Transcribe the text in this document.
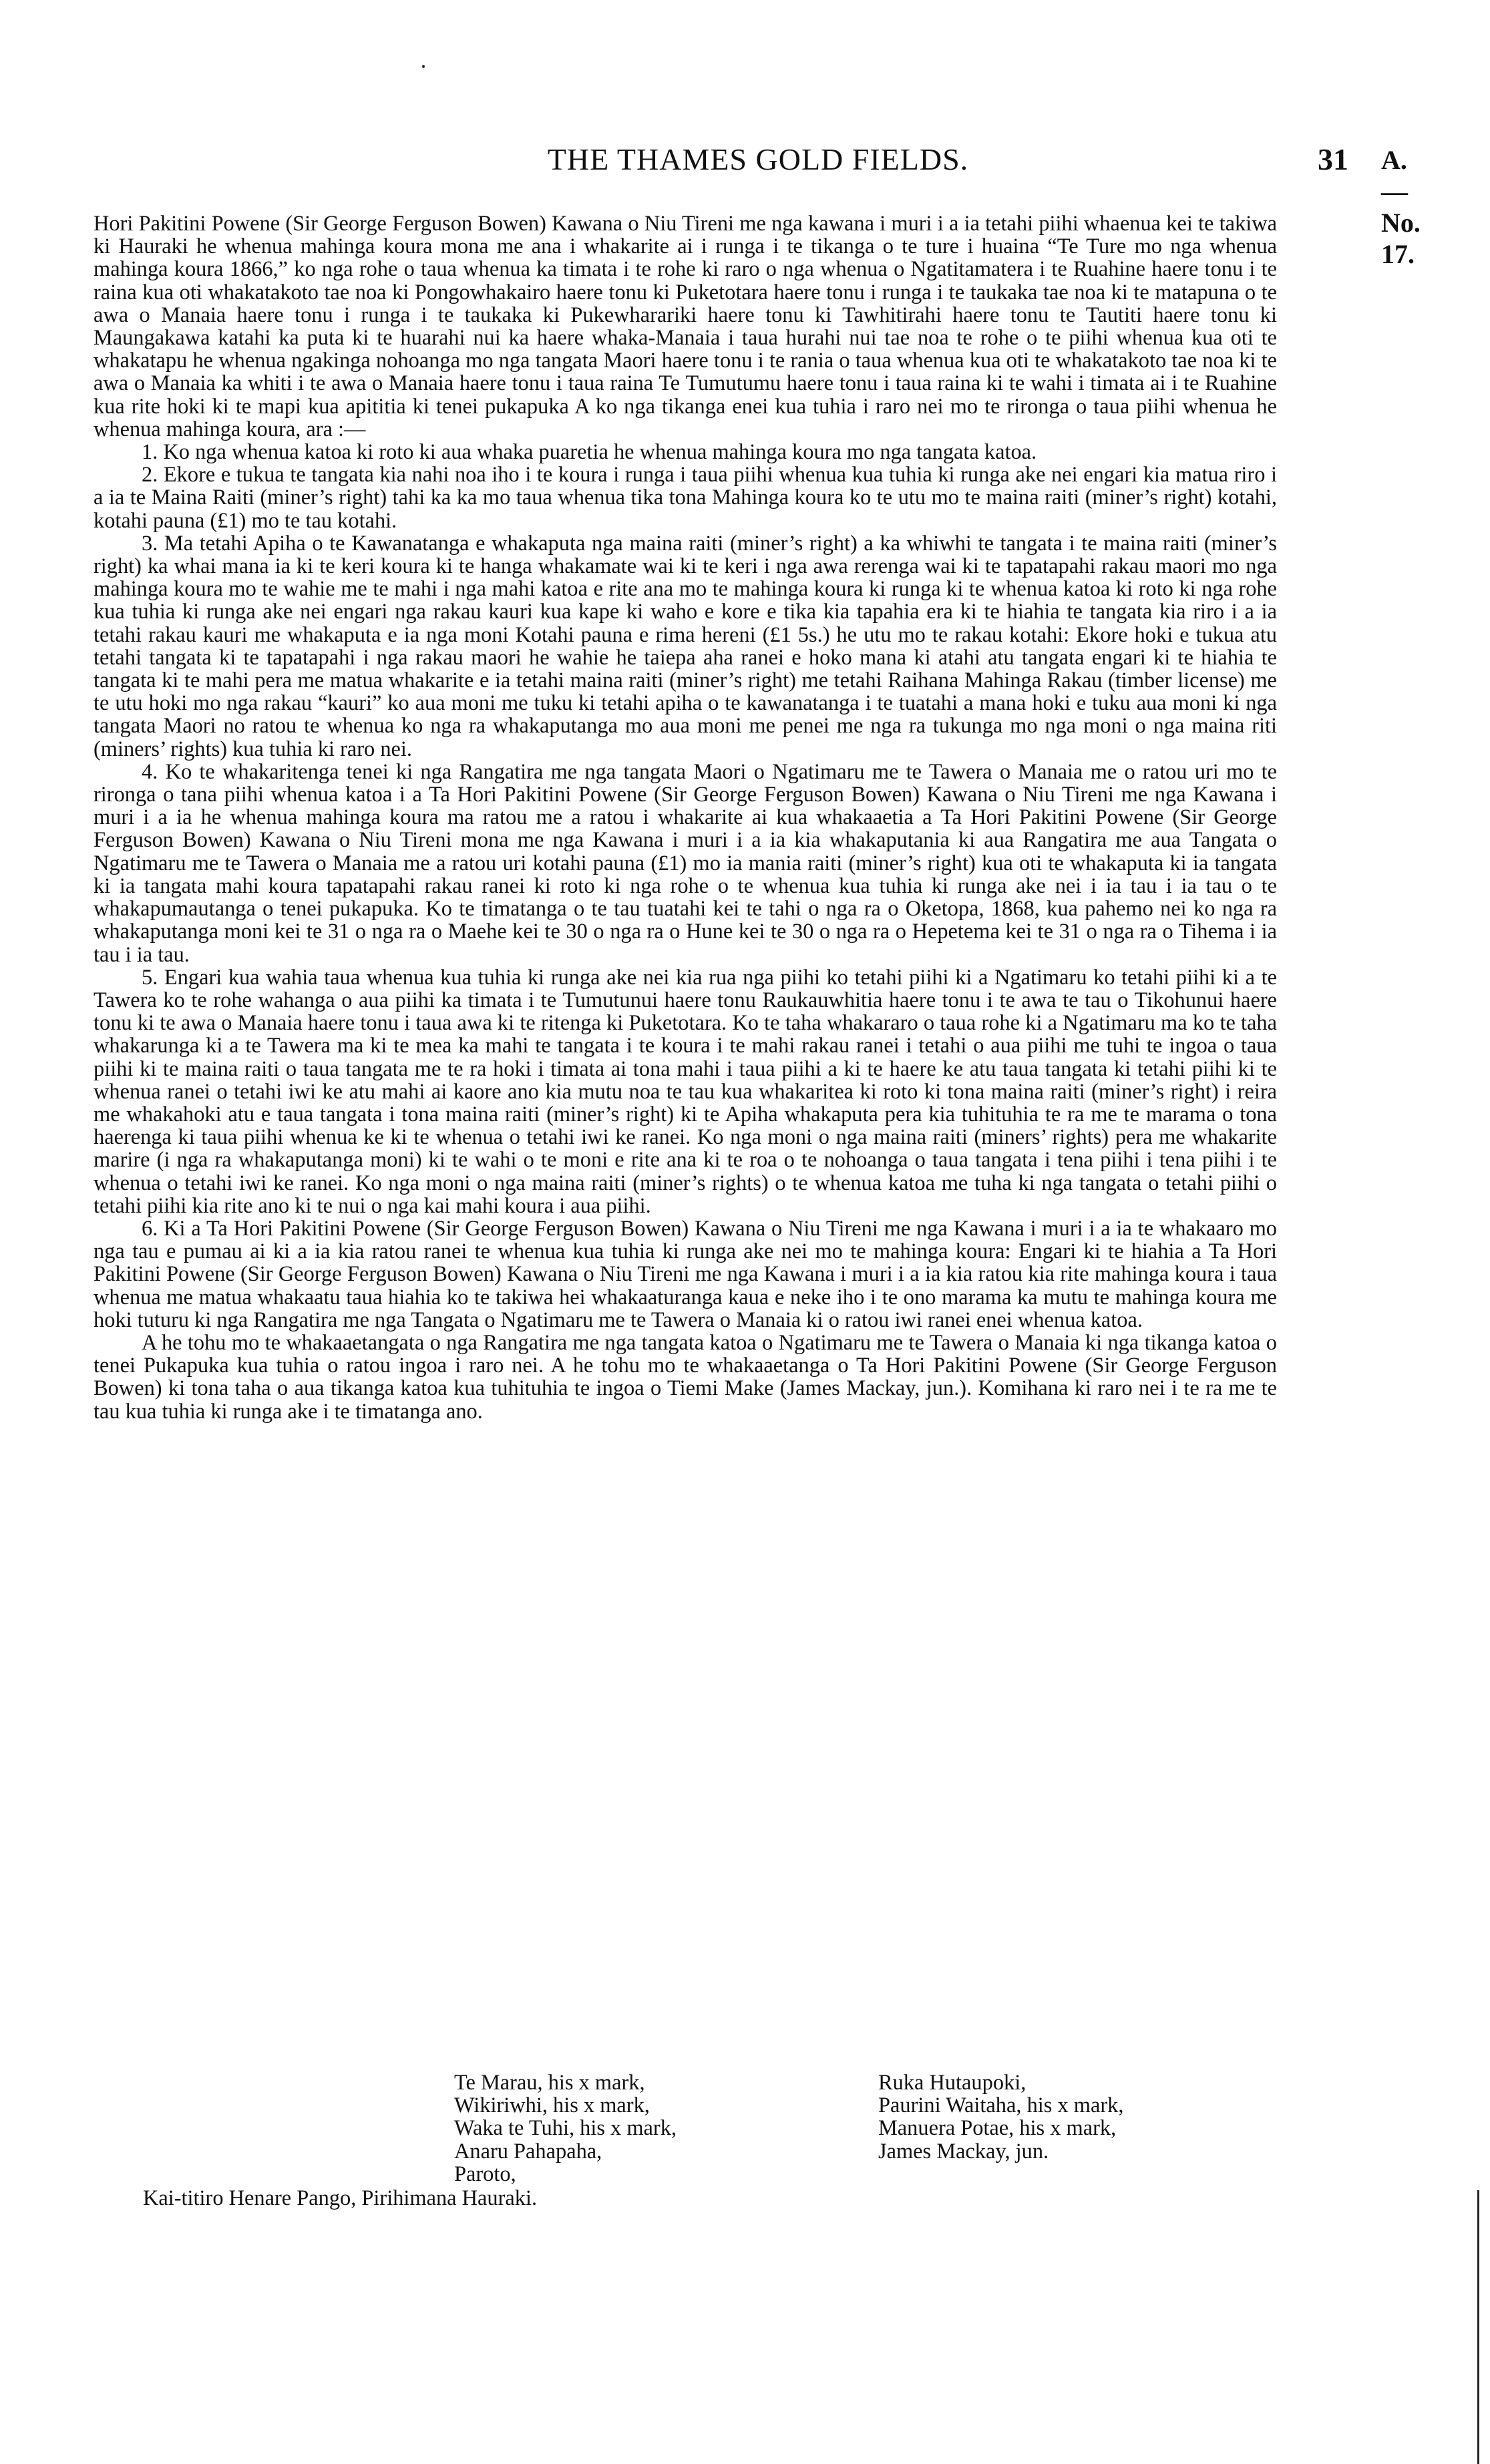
THE THAMES GOLD FIELDS.	31 A.—No. 17.

Hori Pakitini Powene (Sir George Ferguson Bowen) Kawana o Niu Tireni me nga kawana i muri i a ia tetahi piihi whaenua kei te takiwa ki Hauraki he whenua mahinga koura mona me ana i whakarite ai i runga i te tikanga o te ture i huaina “Te Ture mo nga whenua mahinga koura 1866,” ko nga rohe o taua whenua ka timata i te rohe ki raro o nga whenua o Ngatitamatera i te Ruahine haere tonu i te raina kua oti whakatakoto tae noa ki Pongowhakairo haere tonu ki Puketotara haere tonu i runga i te taukaka tae noa ki te matapuna o te awa o Manaia haere tonu i runga i te taukaka ki Pukewharariki haere tonu ki Tawhitirahi haere tonu te Tautiti haere tonu ki Maungakawa katahi ka puta ki te huarahi nui ka haere whaka-Manaia i taua hurahi nui tae noa te rohe o te piihi whenua kua oti te whakatapu he whenua ngakinga nohoanga mo nga tangata Maori haere tonu i te rania o taua whenua kua oti te whakatakoto tae noa ki te awa o Manaia ka whiti i te awa o Manaia haere tonu i taua raina Te Tumutumu haere tonu i taua raina ki te wahi i timata ai i te Ruahine kua rite hoki ki te mapi kua apititia ki tenei pukapuka A ko nga tikanga enei kua tuhia i raro nei mo te rironga o taua piihi whenua he whenua mahinga koura, ara :—

1. Ko nga whenua katoa ki roto ki aua whaka puaretia he whenua mahinga koura mo nga tangata katoa.

2. Ekore e tukua te tangata kia nahi noa iho i te koura i runga i taua piihi whenua kua tuhia ki runga ake nei engari kia matua riro i a ia te Maina Raiti (miner’s right) tahi ka ka mo taua whenua tika tona Mahinga koura ko te utu mo te maina raiti (miner’s right) kotahi, kotahi pauna (£1) mo te tau kotahi.

3. Ma tetahi Apiha o te Kawanatanga e whakaputa nga maina raiti (miner’s right) a ka whiwhi te tangata i te maina raiti (miner’s right) ka whai mana ia ki te keri koura ki te hanga whakamate wai ki te keri i nga awa rerenga wai ki te tapatapahi rakau maori mo nga mahinga koura mo te wahie me te mahi i nga mahi katoa e rite ana mo te mahinga koura ki runga ki te whenua katoa ki roto ki nga rohe kua tuhia ki runga ake nei engari nga rakau kauri kua kape ki waho e kore e tika kia tapahia era ki te hiahia te tangata kia riro i a ia tetahi rakau kauri me whakaputa e ia nga moni Kotahi pauna e rima hereni (£1 5s.) he utu mo te rakau kotahi: Ekore hoki e tukua atu tetahi tangata ki te tapatapahi i nga rakau maori he wahie he taiepa aha ranei e hoko mana ki atahi atu tangata engari ki te hiahia te tangata ki te mahi pera me matua whakarite e ia tetahi maina raiti (miner’s right) me tetahi Raihana Mahinga Rakau (timber license) me te utu hoki mo nga rakau “kauri” ko aua moni me tuku ki tetahi apiha o te kawanatanga i te tuatahi a mana hoki e tuku aua moni ki nga tangata Maori no ratou te whenua ko nga ra whakaputanga mo aua moni me penei me nga ra tukunga mo nga moni o nga maina riti (miners’ rights) kua tuhia ki raro nei.

4. Ko te whakaritenga tenei ki nga Rangatira me nga tangata Maori o Ngatimaru me te Tawera o Manaia me o ratou uri mo te rironga o tana piihi whenua katoa i a Ta Hori Pakitini Powene (Sir George Ferguson Bowen) Kawana o Niu Tireni me nga Kawana i muri i a ia he whenua mahinga koura ma ratou me a ratou i whakarite ai kua whakaaetia a Ta Hori Pakitini Powene (Sir George Ferguson Bowen) Kawana o Niu Tireni mona me nga Kawana i muri i a ia kia whakaputania ki aua Rangatira me aua Tangata o Ngatimaru me te Tawera o Manaia me a ratou uri kotahi pauna (£1) mo ia mania raiti (miner’s right) kua oti te whakaputa ki ia tangata ki ia tangata mahi koura tapatapahi rakau ranei ki roto ki nga rohe o te whenua kua tuhia ki runga ake nei i ia tau i ia tau o te whakapumautanga o tenei pukapuka. Ko te timatanga o te tau tuatahi kei te tahi o nga ra o Oketopa, 1868, kua pahemo nei ko nga ra whakaputanga moni kei te 31 o nga ra o Maehe kei te 30 o nga ra o Hune kei te 30 o nga ra o Hepetema kei te 31 o nga ra o Tihema i ia tau i ia tau.

5. Engari kua wahia taua whenua kua tuhia ki runga ake nei kia rua nga piihi ko tetahi piihi ki a Ngatimaru ko tetahi piihi ki a te Tawera ko te rohe wahanga o aua piihi ka timata i te Tumutunui haere tonu Raukauwhitia haere tonu i te awa te tau o Tikohunui haere tonu ki te awa o Manaia haere tonu i taua awa ki te ritenga ki Puketotara. Ko te taha whakararo o taua rohe ki a Ngatimaru ma ko te taha whakarunga ki a te Tawera ma ki te mea ka mahi te tangata i te koura i te mahi rakau ranei i tetahi o aua piihi me tuhi te ingoa o taua piihi ki te maina raiti o taua tangata me te ra hoki i timata ai tona mahi i taua piihi a ki te haere ke atu taua tangata ki tetahi piihi ki te whenua ranei o tetahi iwi ke atu mahi ai kaore ano kia mutu noa te tau kua whakaritea ki roto ki tona maina raiti (miner’s right) i reira me whakahoki atu e taua tangata i tona maina raiti (miner’s right) ki te Apiha whakaputa pera kia tuhituhia te ra me te marama o tona haerenga ki taua piihi whenua ke ki te whenua o tetahi iwi ke ranei. Ko nga moni o nga maina raiti (miners’ rights) pera me whakarite marire (i nga ra whakaputanga moni) ki te wahi o te moni e rite ana ki te roa o te nohoanga o taua tangata i tena piihi i tena piihi i te whenua o tetahi iwi ke ranei. Ko nga moni o nga maina raiti (miner’s rights) o te whenua katoa me tuha ki nga tangata o tetahi piihi o tetahi piihi kia rite ano ki te nui o nga kai mahi koura i aua piihi.

6. Ki a Ta Hori Pakitini Powene (Sir George Ferguson Bowen) Kawana o Niu Tireni me nga Kawana i muri i a ia te whakaaro mo nga tau e pumau ai ki a ia kia ratou ranei te whenua kua tuhia ki runga ake nei mo te mahinga koura: Engari ki te hiahia a Ta Hori Pakitini Powene (Sir George Ferguson Bowen) Kawana o Niu Tireni me nga Kawana i muri i a ia kia ratou kia rite mahinga koura i taua whenua me matua whakaatu taua hiahia ko te takiwa hei whakaaturanga kaua e neke iho i te ono marama ka mutu te mahinga koura me hoki tuturu ki nga Rangatira me nga Tangata o Ngatimaru me te Tawera o Manaia ki o ratou iwi ranei enei whenua katoa.

A he tohu mo te whakaaetangata o nga Rangatira me nga tangata katoa o Ngatimaru me te Tawera o Manaia ki nga tikanga katoa o tenei Pukapuka kua tuhia o ratou ingoa i raro nei. A he tohu mo te whakaaetanga o Ta Hori Pakitini Powene (Sir George Ferguson Bowen) ki tona taha o aua tikanga katoa kua tuhituhia te ingoa o Tiemi Make (James Mackay, jun.). Komihana ki raro nei i te ra me te tau kua tuhia ki runga ake i te timatanga ano.

Te Marau, his x mark,
Wikiriwhi, his x mark,
Waka te Tuhi, his x mark,
Anaru Pahapaha,
Paroto,
Ruka Hutaupoki,
Paurini Waitaha, his x mark,
Manuera Potae, his x mark,
James Mackay, jun.
Kai-titiro Henare Pango, Pirihimana Hauraki.
